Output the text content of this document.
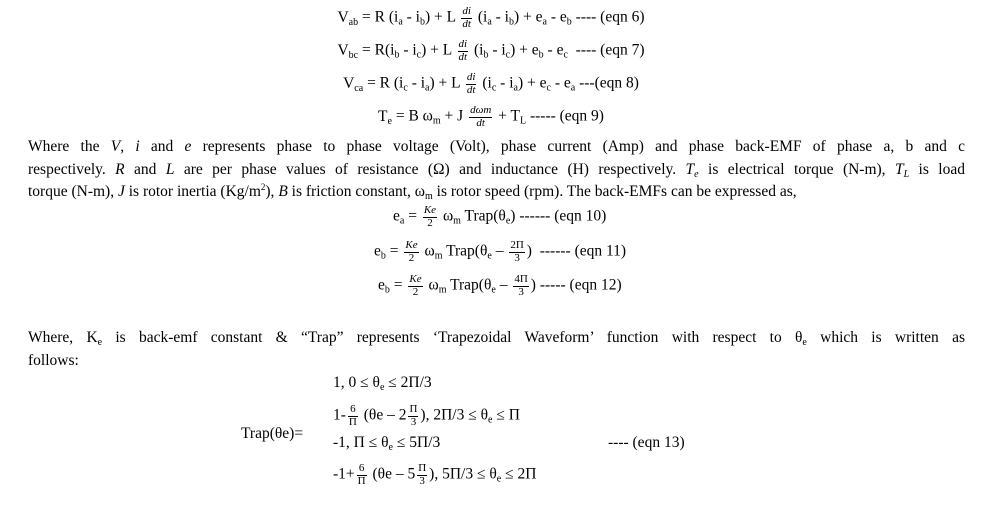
$V_{ab} = R$ $(i_a - i_b) + L \frac{di}{dt} (i_a - i_b) + e_a - e_b$ ---- (eqn 6)
$V_{bc} = R(i_b - i_c) + L \frac{di}{dt} (i_b - i_c) + e_b - e_c$ ---- (eqn 7)
$V_{ca} = R$ $(i_c - i_a) + L \frac{di}{dt} (i_c - i_a) + e_c - e_a$ ---(eqn 8)
$T_e = B$ $\omega_m + J \frac{\text{dωm}}{dt} + T_L$ ----- (eqn 9)

Where the V, i and e represents phase to phase voltage (Volt), phase current (Amp) and phase back-EMF of phase a, b and c

respectively. R and L are per phase values of resistance (Ω) and inductance (H) respectively. $T_e$ is electrical torque (N-m), $T_L$ is load

torque (N-m), J is rotor inertia $(Kg/m^2)$, B is friction constant, $\omega_m$ is rotor speed (rpm). The back-EMFs can be expressed as,

$e_a = \frac{Ke}{2} \omega_m$ $Trap(\theta_e)$ ------ (eqn 10)
$e_b = \frac{Ke}{2} \omega_m$ $Trap(\theta_e - \frac{2\Pi}{3}$ )  ------ (eqn 11)
$e_b = \frac{Ke}{2} \omega_m$ $Trap(\theta_e - \frac{4\Pi}{3}$ ) ----- (eqn 12)

Where, $K_e$ is back-emf constant & “Trap” represents ‘Trapezoidal Waveform’ function with respect to $\theta_e$ which is written as

follows:

Trap(θe)=
1, $0 \le \theta_e \le 2\Pi/3$
$1- \frac{6}{\Pi} (\theta e - 2 \frac{\Pi}{3}$ ), $2\Pi/3 \le \theta_e \le \Pi$
-1, $\Pi \le \theta_e \le 5\Pi/3$	---- (eqn 13)
$-1+ \frac{6}{\Pi} (\theta e - 5 \frac{\Pi}{3}$ ), $5\Pi/3 \le \theta_e \le 2\Pi$
